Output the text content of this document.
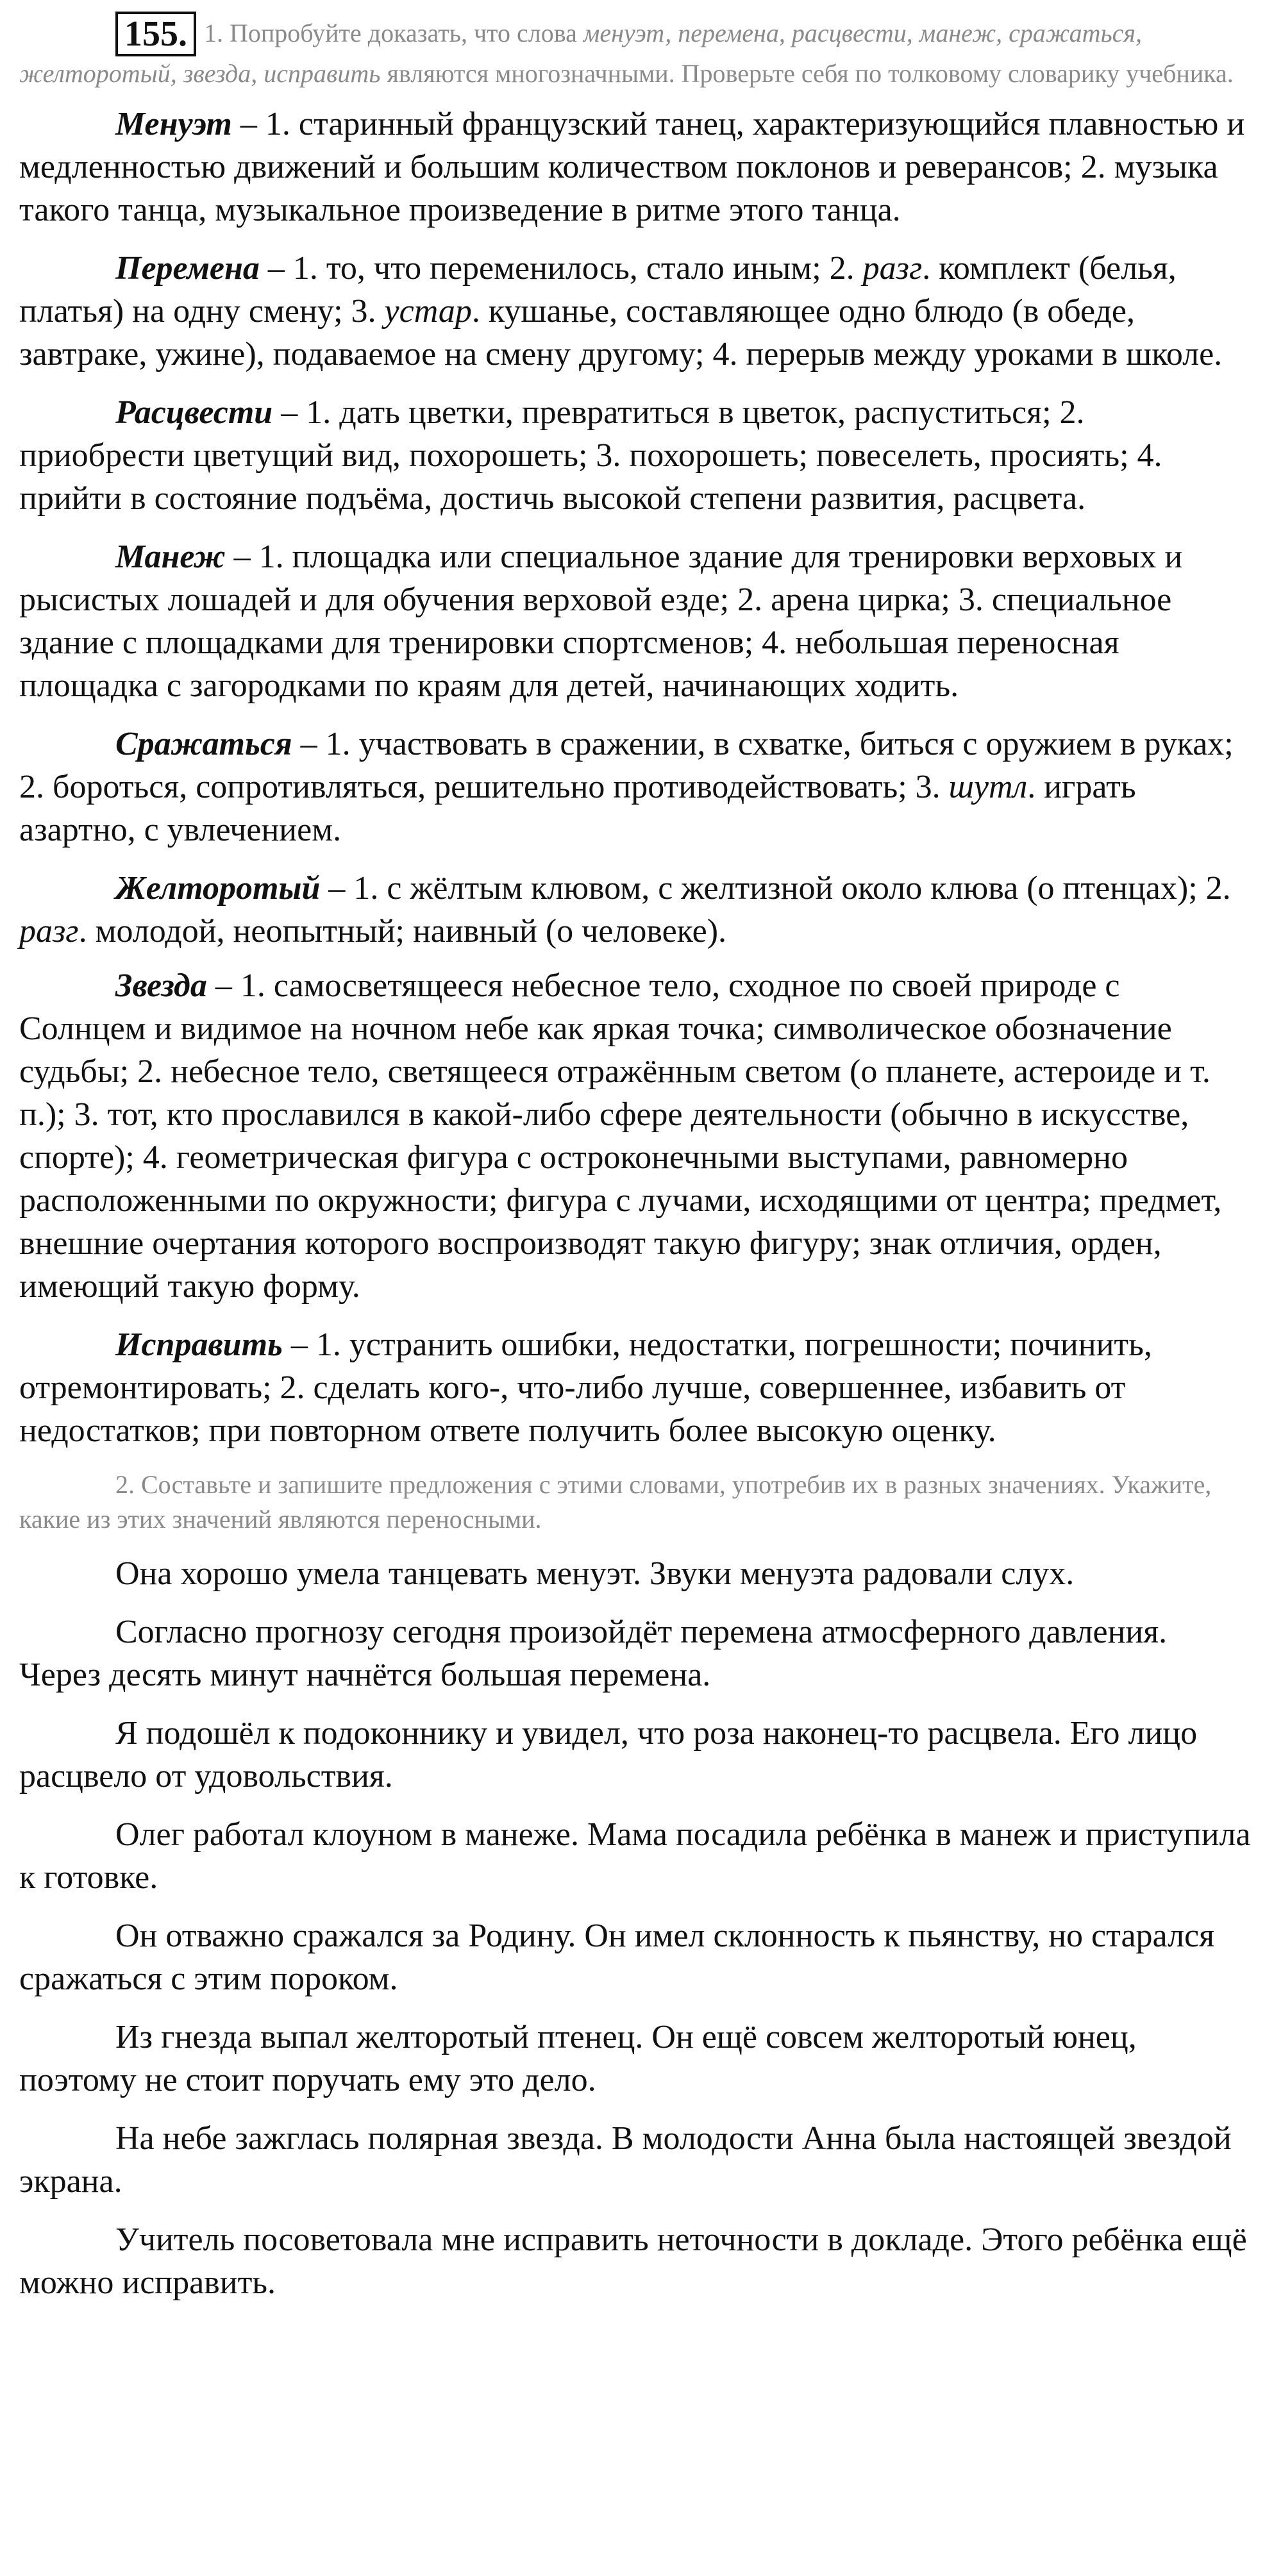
155. 1. Попробуйте доказать, что слова менуэт, перемена, расцвести, манеж, сражаться, желторотый, звезда, исправить являются многозначными. Проверьте себя по толковому словарику учебника.

Менуэт – 1. старинный французский танец, характеризующийся плавностью и медленностью движений и большим количеством поклонов и реверансов; 2. музыка такого танца, музыкальное произведение в ритме этого танца.

Перемена – 1. то, что переменилось, стало иным; 2. разг. комплект (белья, платья) на одну смену; 3. устар. кушанье, составляющее одно блюдо (в обеде, завтраке, ужине), подаваемое на смену другому; 4. перерыв между уроками в школе.

Расцвести – 1. дать цветки, превратиться в цветок, распуститься; 2. приобрести цветущий вид, похорошеть; 3. похорошеть; повеселеть, просиять; 4. прийти в состояние подъёма, достичь высокой степени развития, расцвета.

Манеж – 1. площадка или специальное здание для тренировки верховых и рысистых лошадей и для обучения верховой езде; 2. арена цирка; 3. специальное здание с площадками для тренировки спортсменов; 4. небольшая переносная площадка с загородками по краям для детей, начинающих ходить.

Сражаться – 1. участвовать в сражении, в схватке, биться с оружием в руках; 2. бороться, сопротивляться, решительно противодействовать; 3. шутл. играть азартно, с увлечением.

Желторотый – 1. с жёлтым клювом, с желтизной около клюва (о птенцах); 2. разг. молодой, неопытный; наивный (о человеке).

Звезда – 1. самосветящееся небесное тело, сходное по своей природе с Солнцем и видимое на ночном небе как яркая точка; символическое обозначение судьбы; 2. небесное тело, светящееся отражённым светом (о планете, астероиде и т. п.); 3. тот, кто прославился в какой-либо сфере деятельности (обычно в искусстве, спорте); 4. геометрическая фигура с остроконечными выступами, равномерно расположенными по окружности; фигура с лучами, исходящими от центра; предмет, внешние очертания которого воспроизводят такую фигуру; знак отличия, орден, имеющий такую форму.

Исправить – 1. устранить ошибки, недостатки, погрешности; починить, отремонтировать; 2. сделать кого-, что-либо лучше, совершеннее, избавить от недостатков; при повторном ответе получить более высокую оценку.

2. Составьте и запишите предложения с этими словами, употребив их в разных значениях. Укажите, какие из этих значений являются переносными.

Она хорошо умела танцевать менуэт. Звуки менуэта радовали слух.

Согласно прогнозу сегодня произойдёт перемена атмосферного давления. Через десять минут начнётся большая перемена.

Я подошёл к подоконнику и увидел, что роза наконец-то расцвела. Его лицо расцвело от удовольствия.

Олег работал клоуном в манеже. Мама посадила ребёнка в манеж и приступила к готовке.

Он отважно сражался за Родину. Он имел склонность к пьянству, но старался сражаться с этим пороком.

Из гнезда выпал желторотый птенец. Он ещё совсем желторотый юнец, поэтому не стоит поручать ему это дело.

На небе зажглась полярная звезда. В молодости Анна была настоящей звездой экрана.

Учитель посоветовала мне исправить неточности в докладе. Этого ребёнка ещё можно исправить.
